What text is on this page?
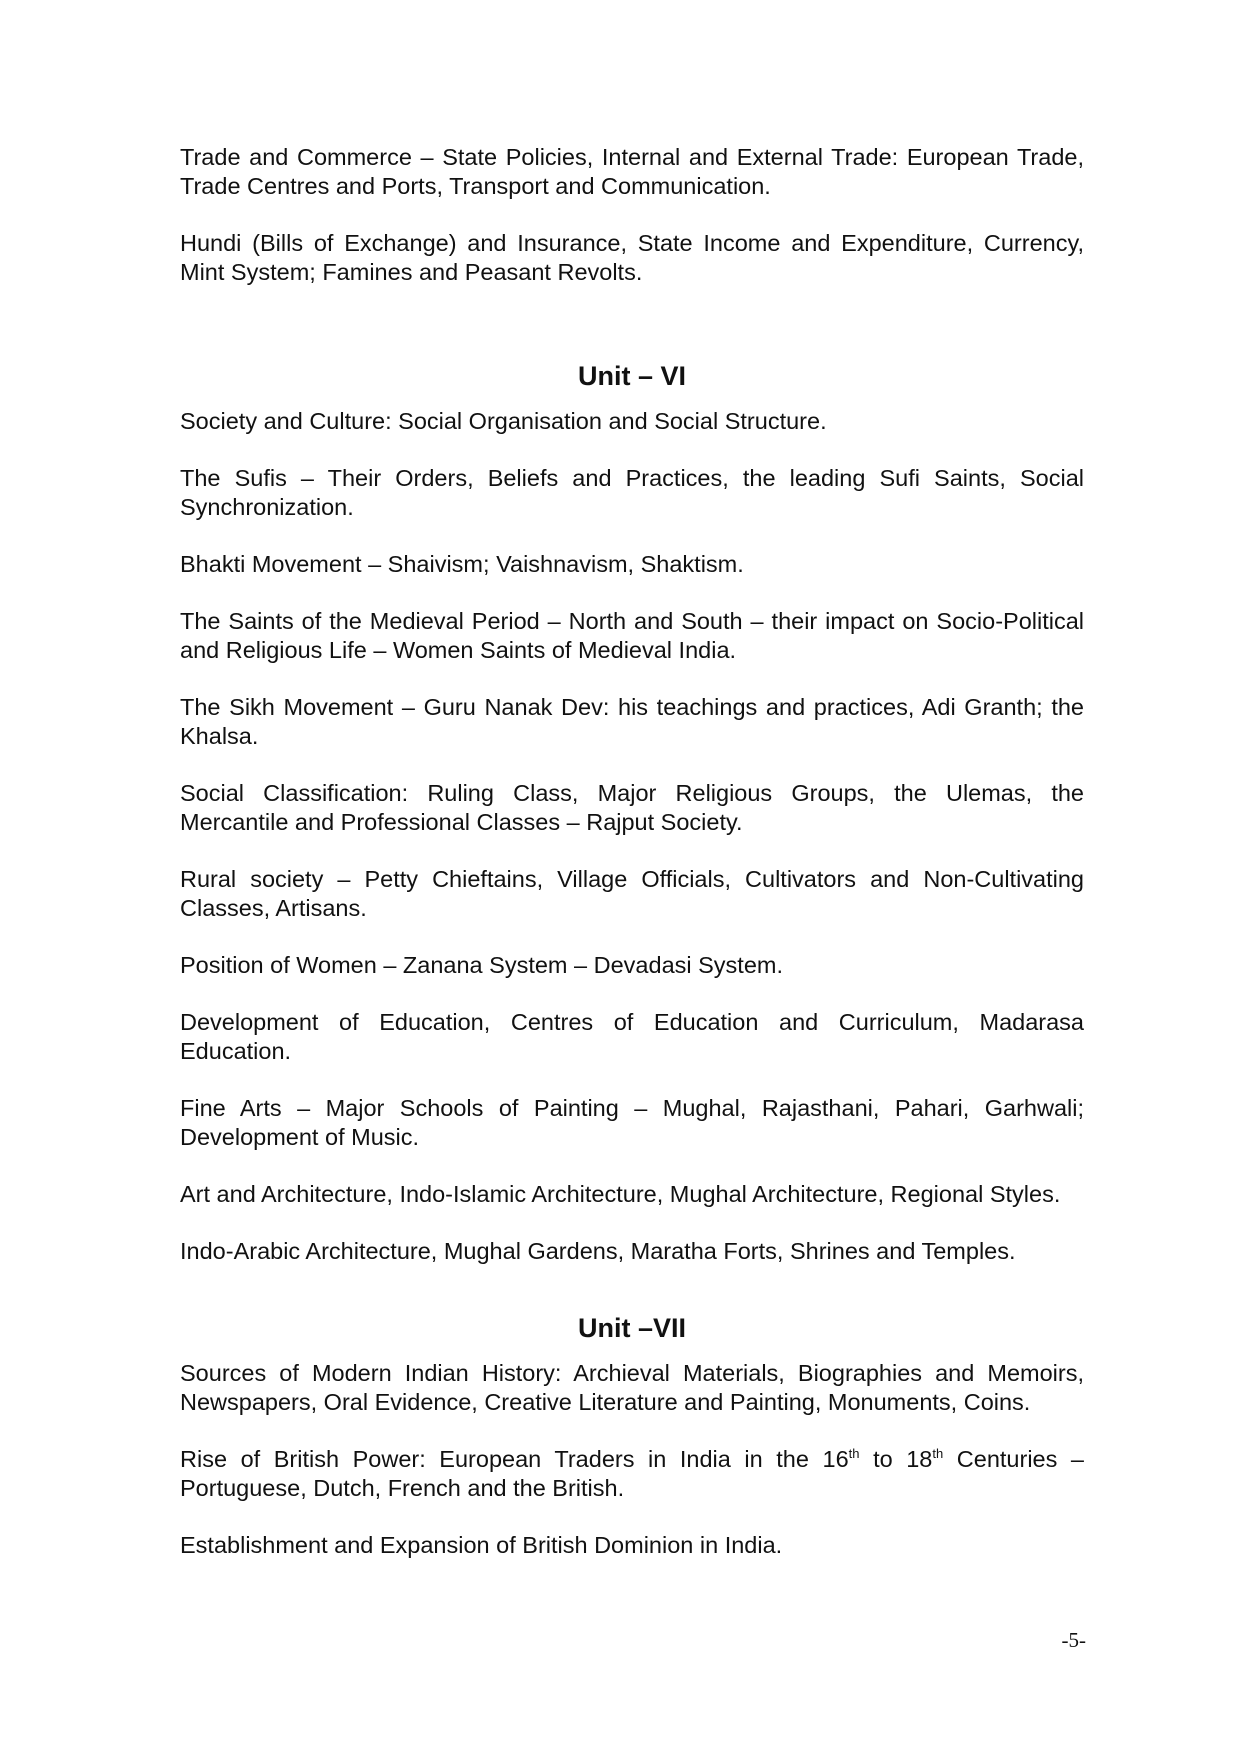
Trade and Commerce – State Policies, Internal and External Trade: European Trade, Trade Centres and Ports, Transport and Communication.

Hundi (Bills of Exchange) and Insurance, State Income and Expenditure, Currency, Mint System; Famines and Peasant Revolts.

Unit – VI

Society and Culture: Social Organisation and Social Structure.

The Sufis – Their Orders, Beliefs and Practices, the leading Sufi Saints, Social Synchronization.

Bhakti Movement – Shaivism; Vaishnavism, Shaktism.

The Saints of the Medieval Period – North and South – their impact on Socio-Political and Religious Life – Women Saints of Medieval India.

The Sikh Movement – Guru Nanak Dev: his teachings and practices, Adi Granth; the Khalsa.

Social Classification: Ruling Class, Major Religious Groups, the Ulemas, the Mercantile and Professional Classes – Rajput Society.

Rural society – Petty Chieftains, Village Officials, Cultivators and Non-Cultivating Classes, Artisans.

Position of Women – Zanana System – Devadasi System.

Development of Education, Centres of Education and Curriculum, Madarasa Education.

Fine Arts – Major Schools of Painting – Mughal, Rajasthani, Pahari, Garhwali; Development of Music.

Art and Architecture, Indo-Islamic Architecture, Mughal Architecture, Regional Styles.

Indo-Arabic Architecture, Mughal Gardens, Maratha Forts, Shrines and Temples.

Unit –VII

Sources of Modern Indian History: Archieval Materials, Biographies and Memoirs, Newspapers, Oral Evidence, Creative Literature and Painting, Monuments, Coins.

Rise of British Power: European Traders in India in the 16th to 18th Centuries – Portuguese, Dutch, French and the British.

Establishment and Expansion of British Dominion in India.

-5-
